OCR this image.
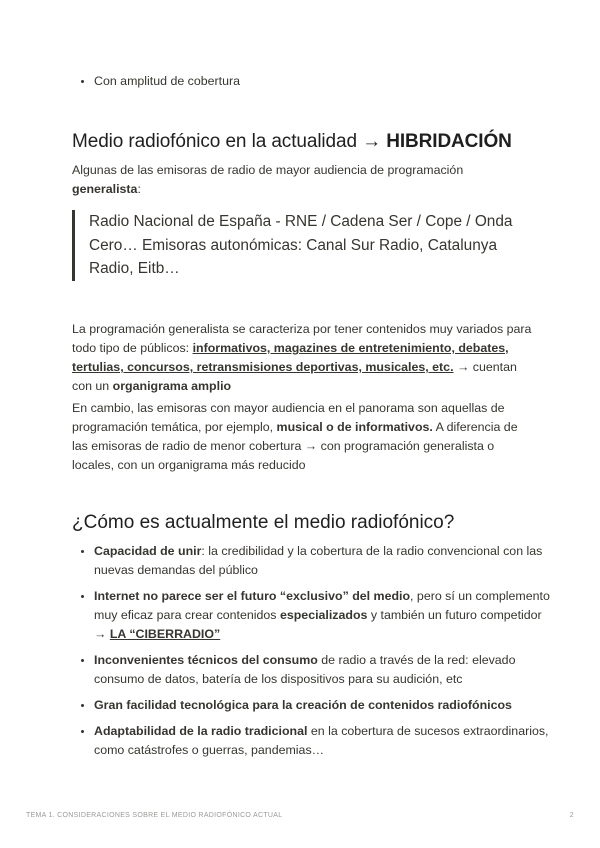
• Con amplitud de cobertura
Medio radiofónico en la actualidad → HIBRIDACIÓN

Algunas de las emisoras de radio de mayor audiencia de programación generalista:

Radio Nacional de España - RNE / Cadena Ser / Cope / Onda Cero… Emisoras autonómicas: Canal Sur Radio, Catalunya Radio, Eitb…

La programación generalista se caracteriza por tener contenidos muy variados para todo tipo de públicos: informativos, magazines de entretenimiento, debates, tertulias, concursos, retransmisiones deportivas, musicales, etc. → cuentan con un organigrama amplio

En cambio, las emisoras con mayor audiencia en el panorama son aquellas de programación temática, por ejemplo, musical o de informativos. A diferencia de las emisoras de radio de menor cobertura → con programación generalista o locales, con un organigrama más reducido

¿Cómo es actualmente el medio radiofónico?
• Capacidad de unir: la credibilidad y la cobertura de la radio convencional con las nuevas demandas del público
• Internet no parece ser el futuro “exclusivo” del medio, pero sí un complemento muy eficaz para crear contenidos especializados y también un futuro competidor → LA “CIBERRADIO”
• Inconvenientes técnicos del consumo de radio a través de la red: elevado consumo de datos, batería de los dispositivos para su audición, etc
• Gran facilidad tecnológica para la creación de contenidos radiofónicos
• Adaptabilidad de la radio tradicional en la cobertura de sucesos extraordinarios, como catástrofes o guerras, pandemias…
TEMA 1. CONSIDERACIONES SOBRE EL MEDIO RADIOFÓNICO ACTUAL	2
